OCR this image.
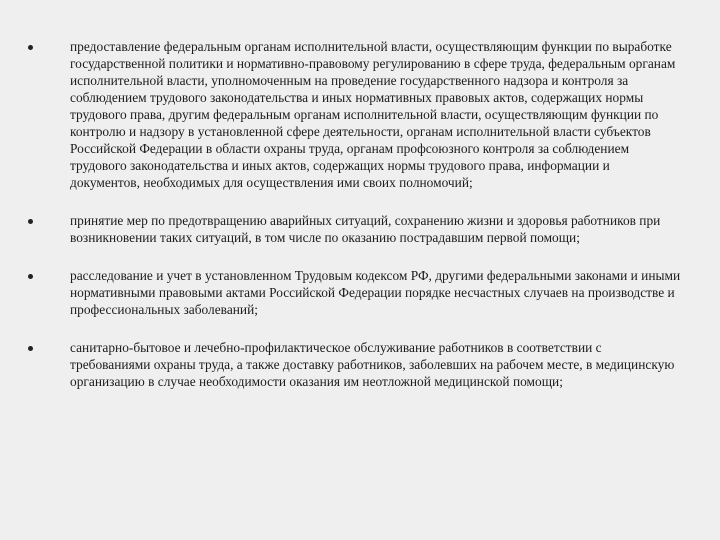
предоставление федеральным органам исполнительной власти, осуществляющим функции по выработке государственной политики и нормативно-правовому регулированию в сфере труда, федеральным органам исполнительной власти, уполномоченным на проведение государственного надзора и контроля за соблюдением трудового законодательства и иных нормативных правовых актов, содержащих нормы трудового права, другим федеральным органам исполнительной власти, осуществляющим функции по контролю и надзору в установленной сфере деятельности, органам исполнительной власти субъектов Российской Федерации в области охраны труда, органам профсоюзного контроля за соблюдением трудового законодательства и иных актов, содержащих нормы трудового права, информации и документов, необходимых для осуществления ими своих полномочий;
принятие мер по предотвращению аварийных ситуаций, сохранению жизни и здоровья работников при возникновении таких ситуаций, в том числе по оказанию пострадавшим первой помощи;
расследование и учет в установленном Трудовым кодексом РФ, другими федеральными законами и иными нормативными правовыми актами Российской Федерации порядке несчастных случаев на производстве и профессиональных заболеваний;
санитарно-бытовое и лечебно-профилактическое обслуживание работников в соответствии с требованиями охраны труда, а также доставку работников, заболевших на рабочем месте, в медицинскую организацию в случае необходимости оказания им неотложной медицинской помощи;
